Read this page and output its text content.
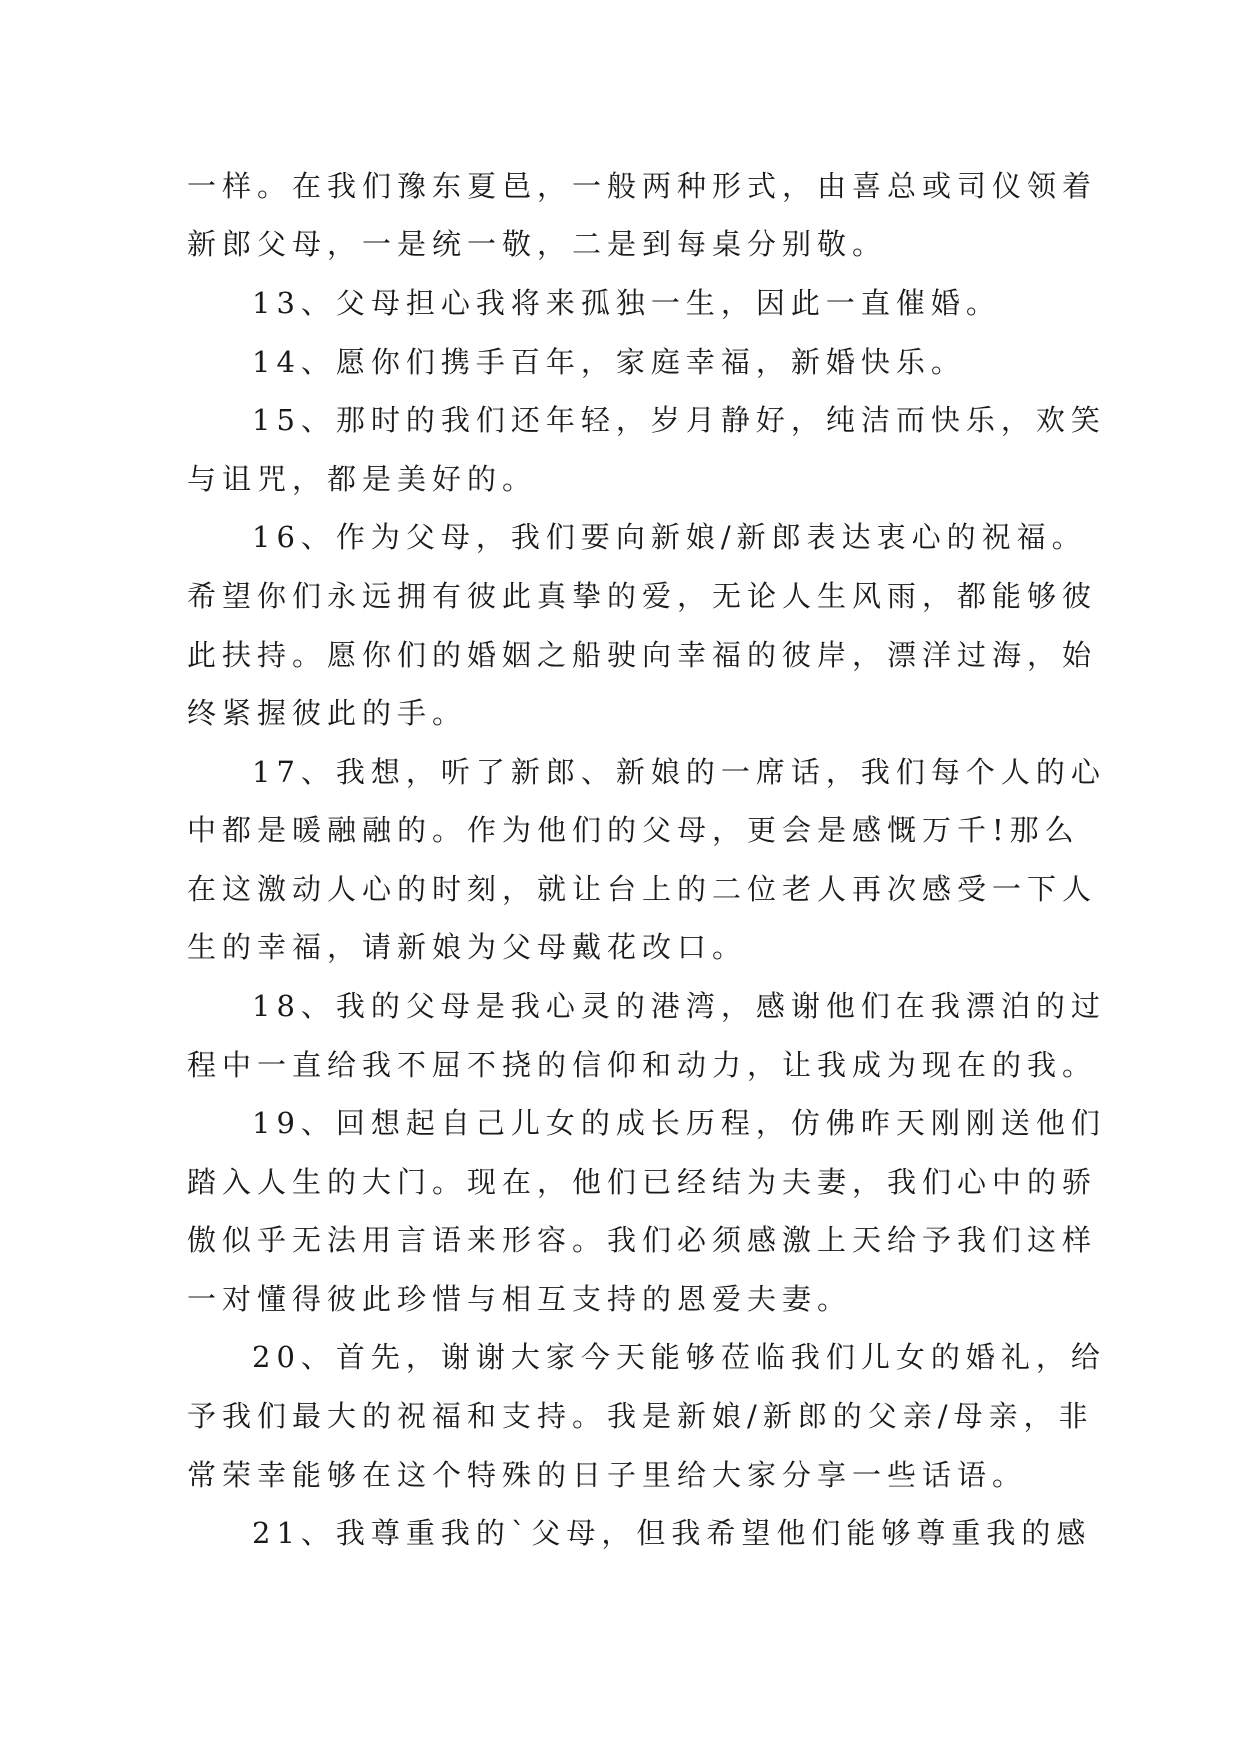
一样。在我们豫东夏邑，一般两种形式，由喜总或司仪领着
新郎父母，一是统一敬，二是到每桌分别敬。
13、父母担心我将来孤独一生，因此一直催婚。
14、愿你们携手百年，家庭幸福，新婚快乐。
15、那时的我们还年轻，岁月静好，纯洁而快乐，欢笑
与诅咒，都是美好的。
16、作为父母，我们要向新娘/新郎表达衷心的祝福。
希望你们永远拥有彼此真挚的爱，无论人生风雨，都能够彼
此扶持。愿你们的婚姻之船驶向幸福的彼岸，漂洋过海，始
终紧握彼此的手。
17、我想，听了新郎、新娘的一席话，我们每个人的心
中都是暖融融的。作为他们的父母，更会是感慨万千!那么
在这激动人心的时刻，就让台上的二位老人再次感受一下人
生的幸福，请新娘为父母戴花改口。
18、我的父母是我心灵的港湾，感谢他们在我漂泊的过
程中一直给我不屈不挠的信仰和动力，让我成为现在的我。
19、回想起自己儿女的成长历程，仿佛昨天刚刚送他们
踏入人生的大门。现在，他们已经结为夫妻，我们心中的骄
傲似乎无法用言语来形容。我们必须感激上天给予我们这样
一对懂得彼此珍惜与相互支持的恩爱夫妻。
20、首先，谢谢大家今天能够莅临我们儿女的婚礼，给
予我们最大的祝福和支持。我是新娘/新郎的父亲/母亲，非
常荣幸能够在这个特殊的日子里给大家分享一些话语。
21、我尊重我的`父母，但我希望他们能够尊重我的感
